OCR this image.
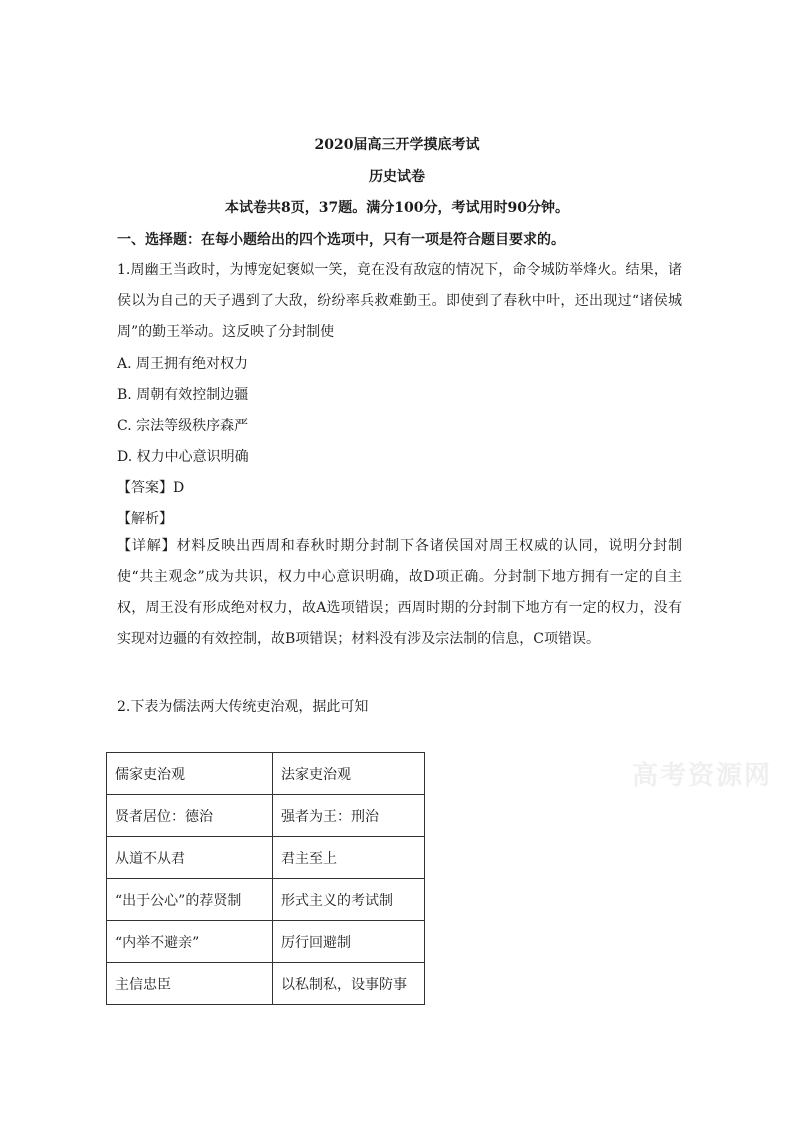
2020届高三开学摸底考试
历史试卷
本试卷共8页，37题。满分100分，考试用时90分钟。
一、选择题：在每小题给出的四个选项中，只有一项是符合题目要求的。

1.周幽王当政时，为博宠妃褒姒一笑，竟在没有敌寇的情况下，命令城防举烽火。结果，诸侯以为自己的天子遇到了大敌，纷纷率兵救难勤王。即使到了春秋中叶，还出现过“诸侯城周”的勤王举动。这反映了分封制使

A. 周王拥有绝对权力
B. 周朝有效控制边疆
C. 宗法等级秩序森严
D. 权力中心意识明确
【答案】D
【解析】

【详解】材料反映出西周和春秋时期分封制下各诸侯国对周王权威的认同，说明分封制使“共主观念”成为共识，权力中心意识明确，故D项正确。分封制下地方拥有一定的自主权，周王没有形成绝对权力，故A选项错误；西周时期的分封制下地方有一定的权力，没有实现对边疆的有效控制，故B项错误；材料没有涉及宗法制的信息，C项错误。

2.下表为儒法两大传统吏治观，据此可知
高考资源网
儒家吏治观	法家吏治观
贤者居位：德治	强者为王：刑治
从道不从君	君主至上
“出于公心”的荐贤制	形式主义的考试制
“内举不避亲”	厉行回避制
主信忠臣	以私制私，设事防事
